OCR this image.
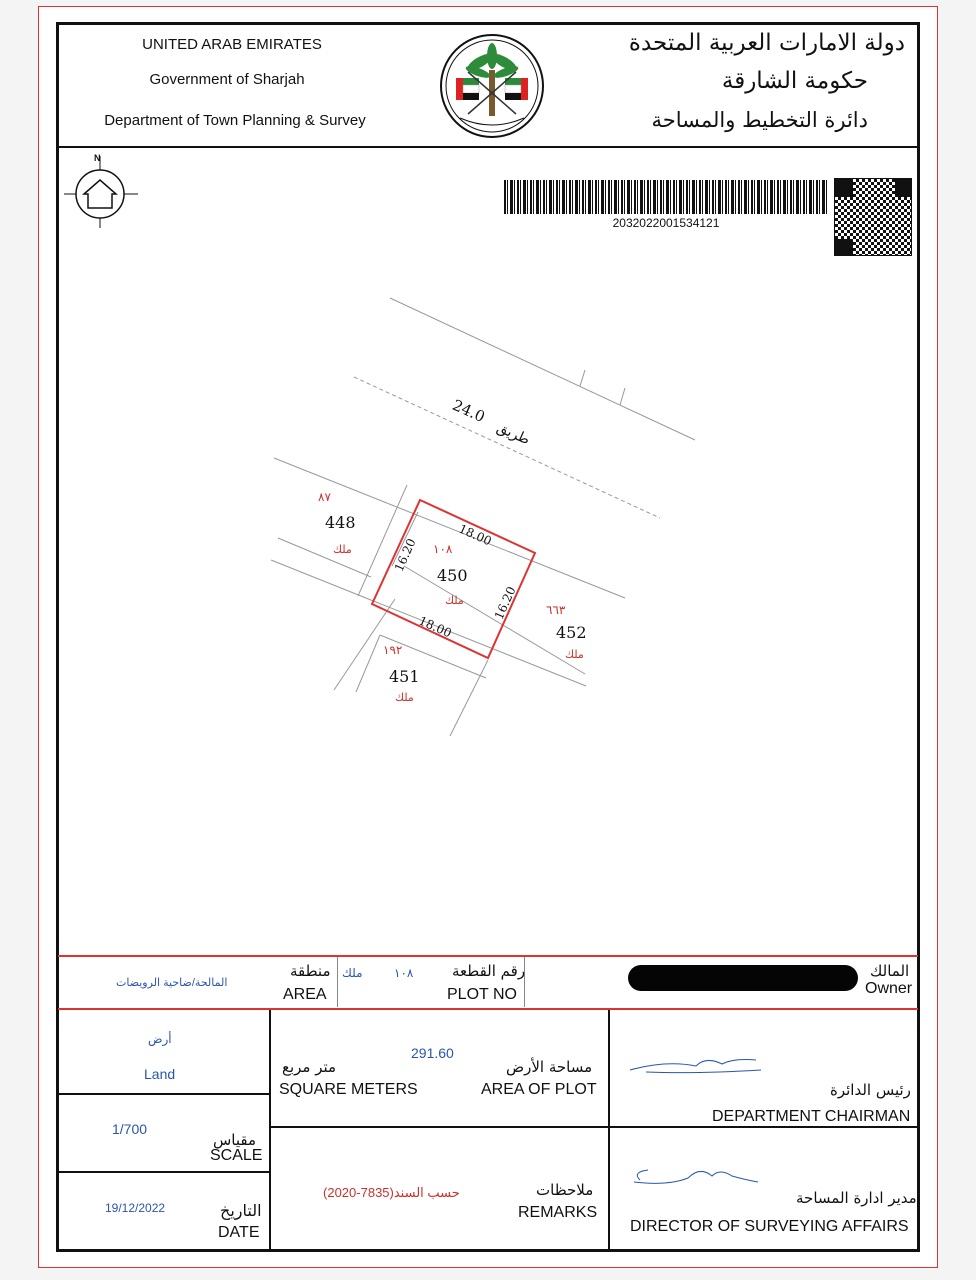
UNITED ARAB EMIRATES
Government of Sharjah
Department of Town Planning & Survey
دولة الامارات العربية المتحدة
حكومة الشارقة
دائرة التخطيط والمساحة
N
2032022001534121
24.0
طريق
18.00
18.00
16.20
16.20
١٠٨
450
ملك
٨٧
448
ملك
٦٦٣
452
ملك
١٩٢
451
ملك
المالحة/ضاحية الرويضات
منطقة
AREA
ملك	١٠٨	رقم القطعة
PLOT NO
المالك
Owner
أرض
Land
1/700
مقياس
SCALE
19/12/2022	التاريخ
DATE
متر مربع
SQUARE METERS
291.60
مساحة الأرض
AREA OF PLOT
حسب السند(7835-2020)	ملاحظات
REMARKS
رئيس الدائرة
DEPARTMENT CHAIRMAN
مدير ادارة المساحة
DIRECTOR OF SURVEYING AFFAIRS
